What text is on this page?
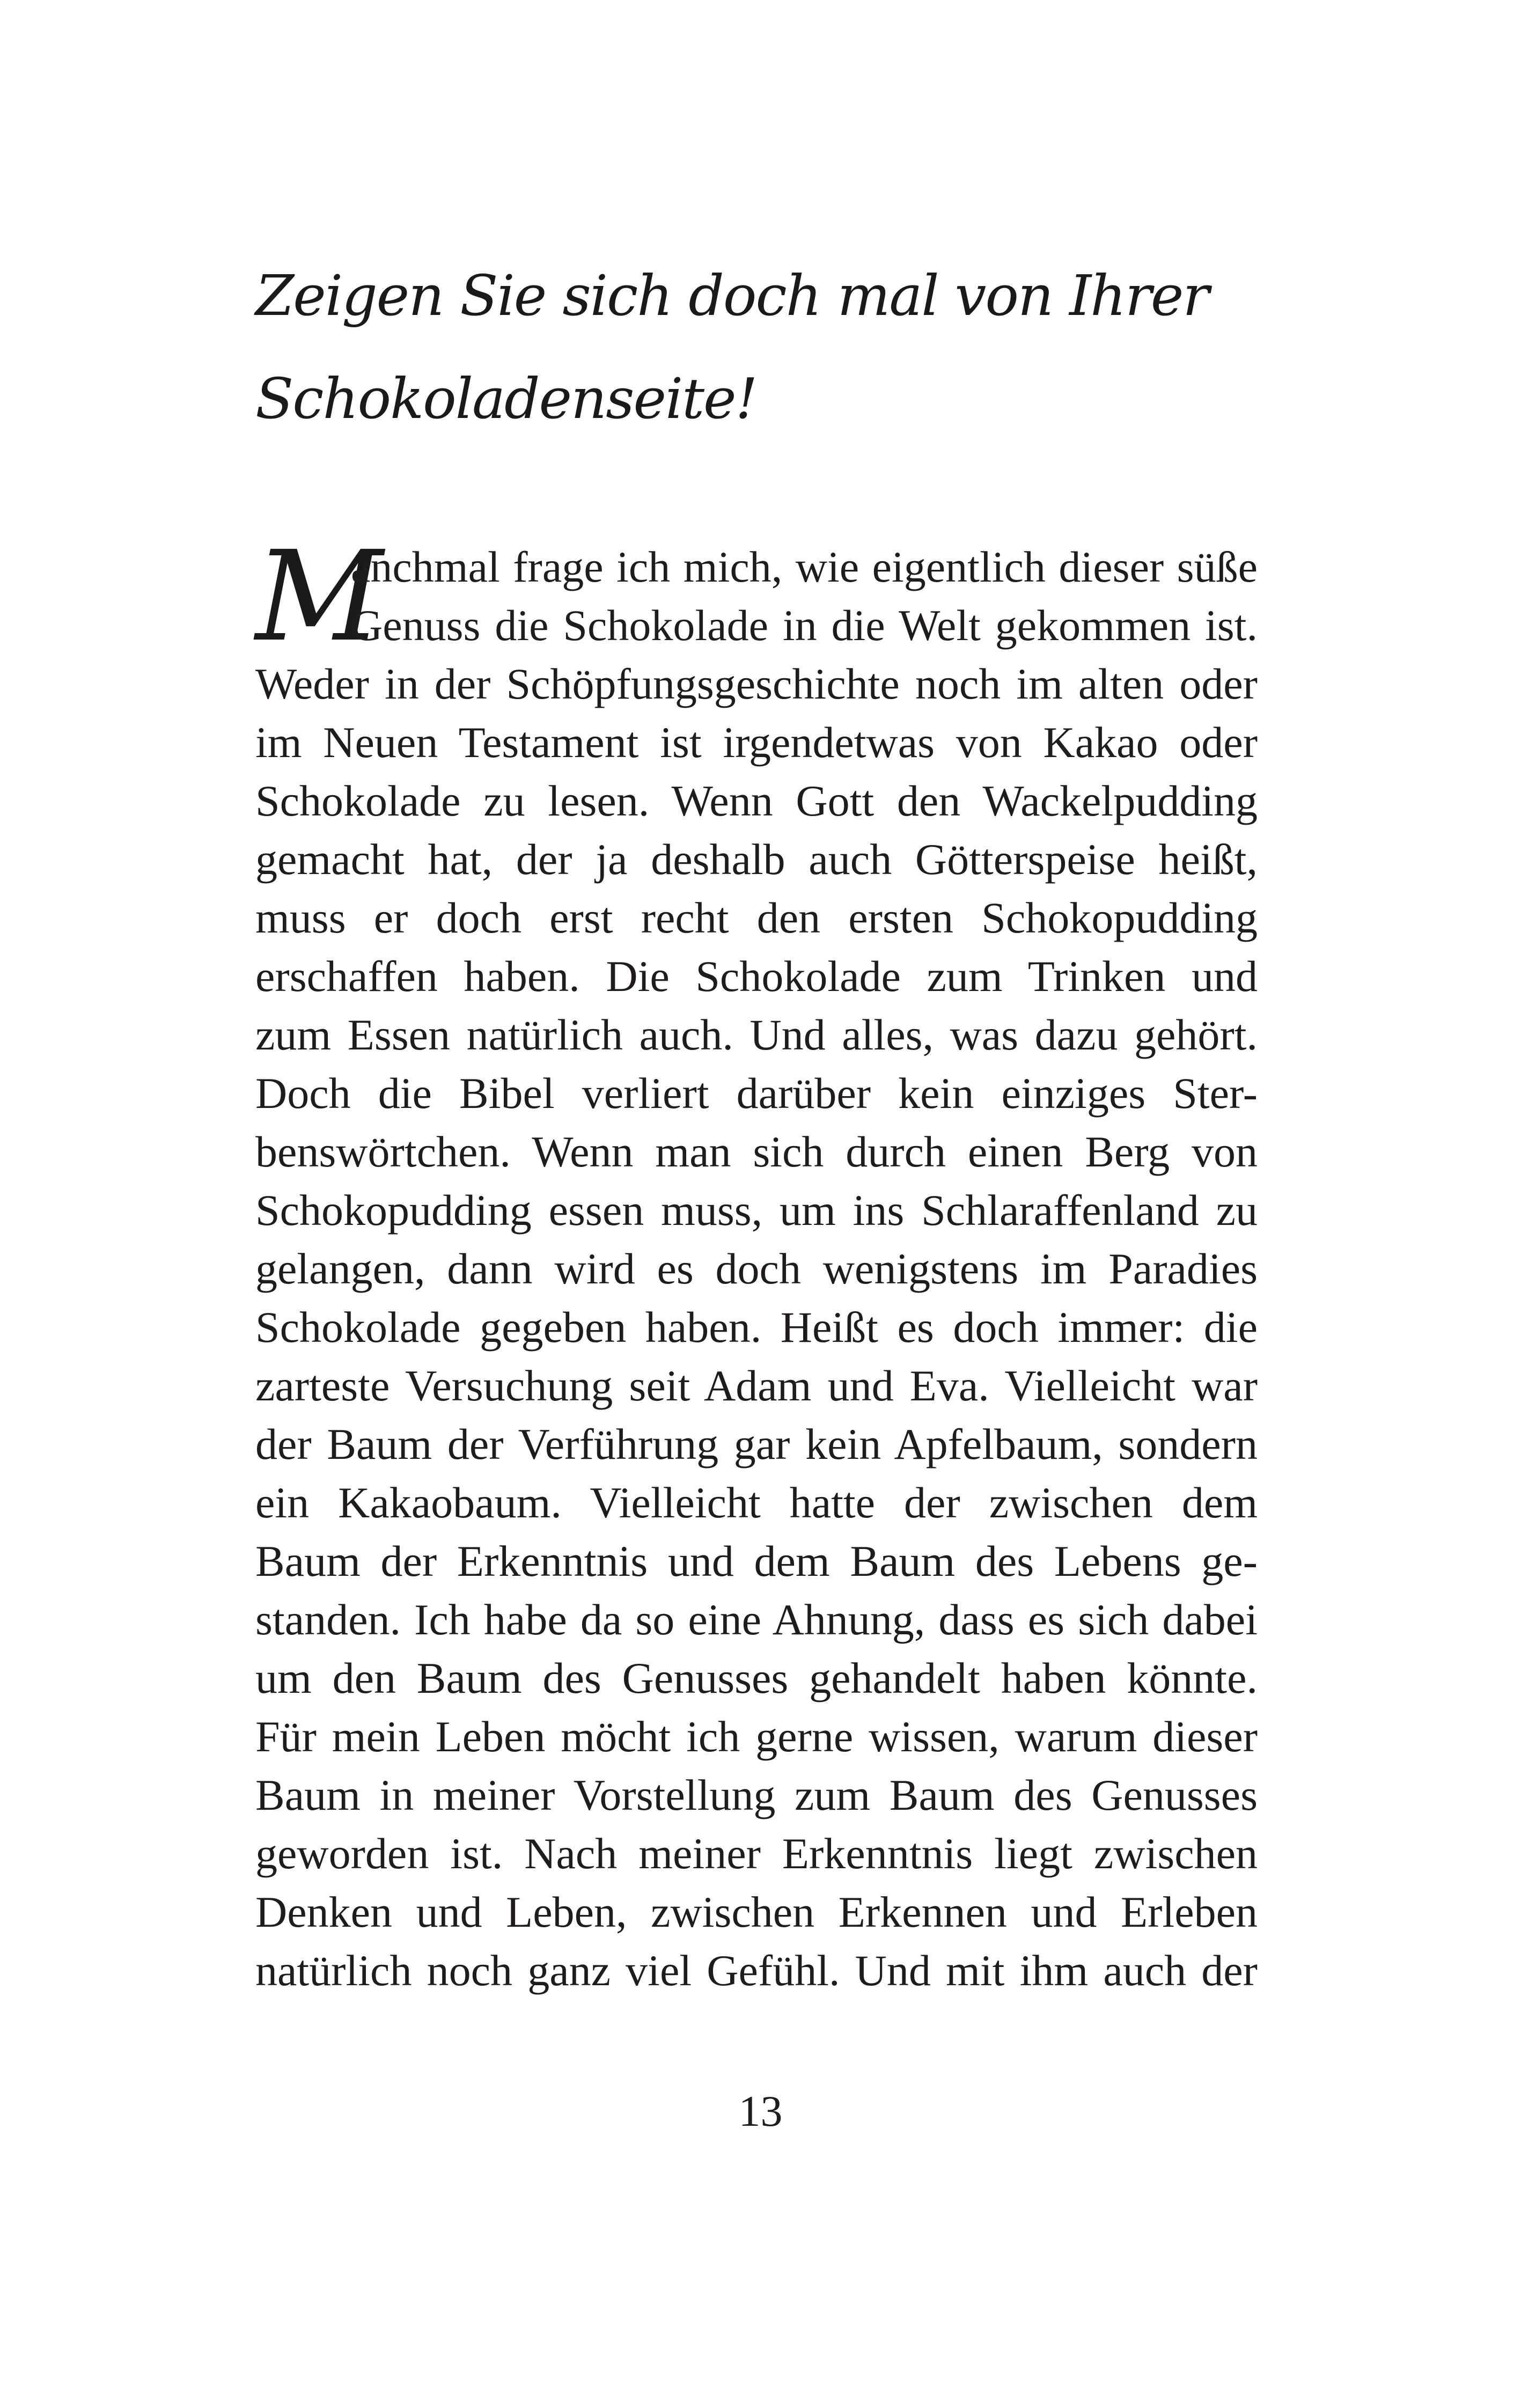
Zeigen Sie sich doch mal von Ihrer
Schokoladenseite!
M
anchmal frage ich mich, wie eigentlich dieser süße
Genuss die Schokolade in die Welt gekommen ist.
Weder in der Schöpfungsgeschichte noch im alten oder
im Neuen Testament ist irgendetwas von Kakao oder
Schokolade zu lesen. Wenn Gott den Wackelpudding
gemacht hat, der ja deshalb auch Götterspeise heißt,
muss er doch erst recht den ersten Schokopudding
erschaffen haben. Die Schokolade zum Trinken und
zum Essen natürlich auch. Und alles, was dazu gehört.
Doch die Bibel verliert darüber kein einziges Ster-
benswörtchen. Wenn man sich durch einen Berg von
Schokopudding essen muss, um ins Schlaraffenland zu
gelangen, dann wird es doch wenigstens im Paradies
Schokolade gegeben haben. Heißt es doch immer: die
zarteste Versuchung seit Adam und Eva. Vielleicht war
der Baum der Verführung gar kein Apfelbaum, sondern
ein Kakaobaum. Vielleicht hatte der zwischen dem
Baum der Erkenntnis und dem Baum des Lebens ge-
standen. Ich habe da so eine Ahnung, dass es sich dabei
um den Baum des Genusses gehandelt haben könnte.
Für mein Leben möcht ich gerne wissen, warum dieser
Baum in meiner Vorstellung zum Baum des Genusses
geworden ist. Nach meiner Erkenntnis liegt zwischen
Denken und Leben, zwischen Erkennen und Erleben
natürlich noch ganz viel Gefühl. Und mit ihm auch der
13
